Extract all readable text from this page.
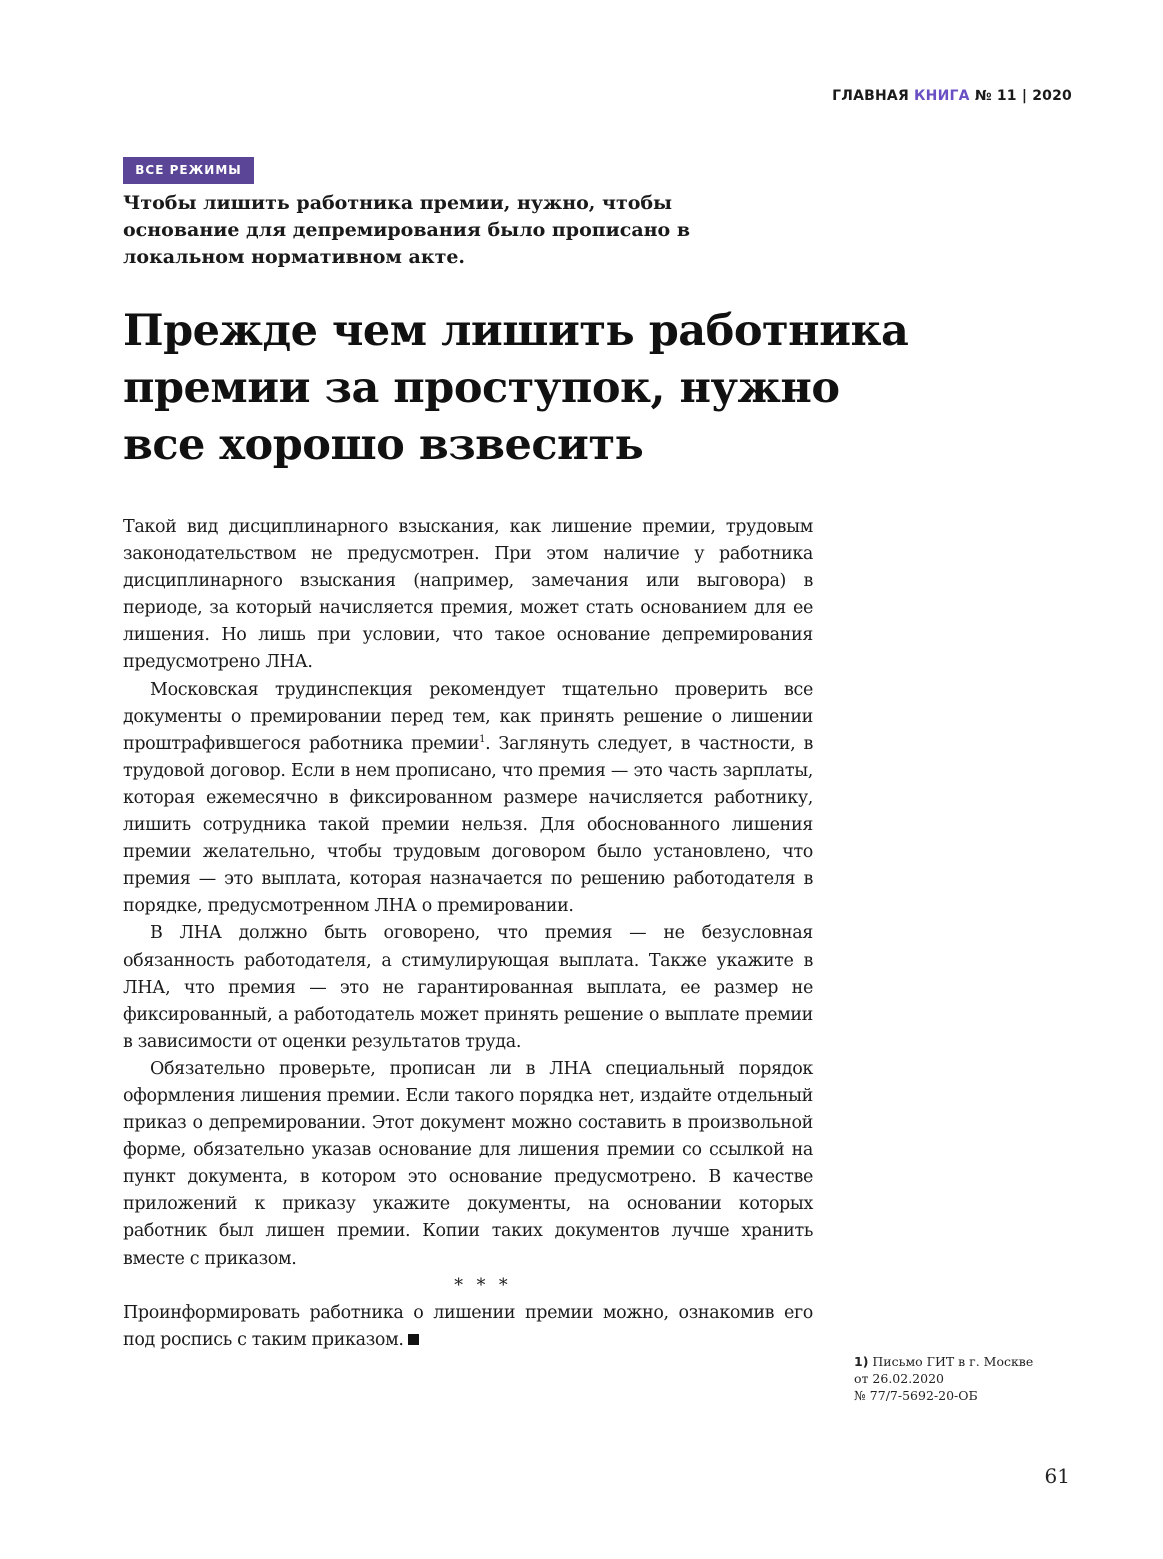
ГЛАВНАЯ КНИГА № 11 | 2020
ВСЕ РЕЖИМЫ

Чтобы лишить работника премии, нужно, чтобы основание для депремирования было прописано в локальном нормативном акте.

Прежде чем лишить работника
премии за проступок, нужно
все хорошо взвесить

Такой вид дисциплинарного взыскания, как лишение премии, трудовым законодательством не предусмотрен. При этом наличие у работника дисциплинарного взыскания (например, замечания или выговора) в периоде, за который начисляется премия, может стать основанием для ее лишения. Но лишь при условии, что такое основание депремирования предусмотрено ЛНА.

Московская трудинспекция рекомендует тщательно проверить все документы о премировании перед тем, как принять решение о лишении проштрафившегося работника премии$^1$. Заглянуть следует, в частности, в трудовой договор. Если в нем прописано, что премия — это часть зарплаты, которая ежемесячно в фиксированном размере начисляется работнику, лишить сотрудника такой премии нельзя. Для обоснованного лишения премии желательно, чтобы трудовым договором было установлено, что премия — это выплата, которая назначается по решению работодателя в порядке, предусмотренном ЛНА о премировании.

В ЛНА должно быть оговорено, что премия — не безусловная обязанность работодателя, а стимулирующая выплата. Также укажите в ЛНА, что премия — это не гарантированная выплата, ее размер не фиксированный, а работодатель может принять решение о выплате премии в зависимости от оценки результатов труда.

Обязательно проверьте, прописан ли в ЛНА специальный порядок оформления лишения премии. Если такого порядка нет, издайте отдельный приказ о депремировании. Этот документ можно составить в произвольной форме, обязательно указав основание для лишения премии со ссылкой на пункт документа, в котором это основание предусмотрено. В качестве приложений к приказу укажите документы, на основании которых работник был лишен премии. Копии таких документов лучше хранить вместе с приказом.

* * *

Проинформировать работника о лишении премии можно, ознакомив его под роспись с таким приказом.

1) Письмо ГИТ в г. Москве
от 26.02.2020
№ 77/7-5692-20-ОБ
61
